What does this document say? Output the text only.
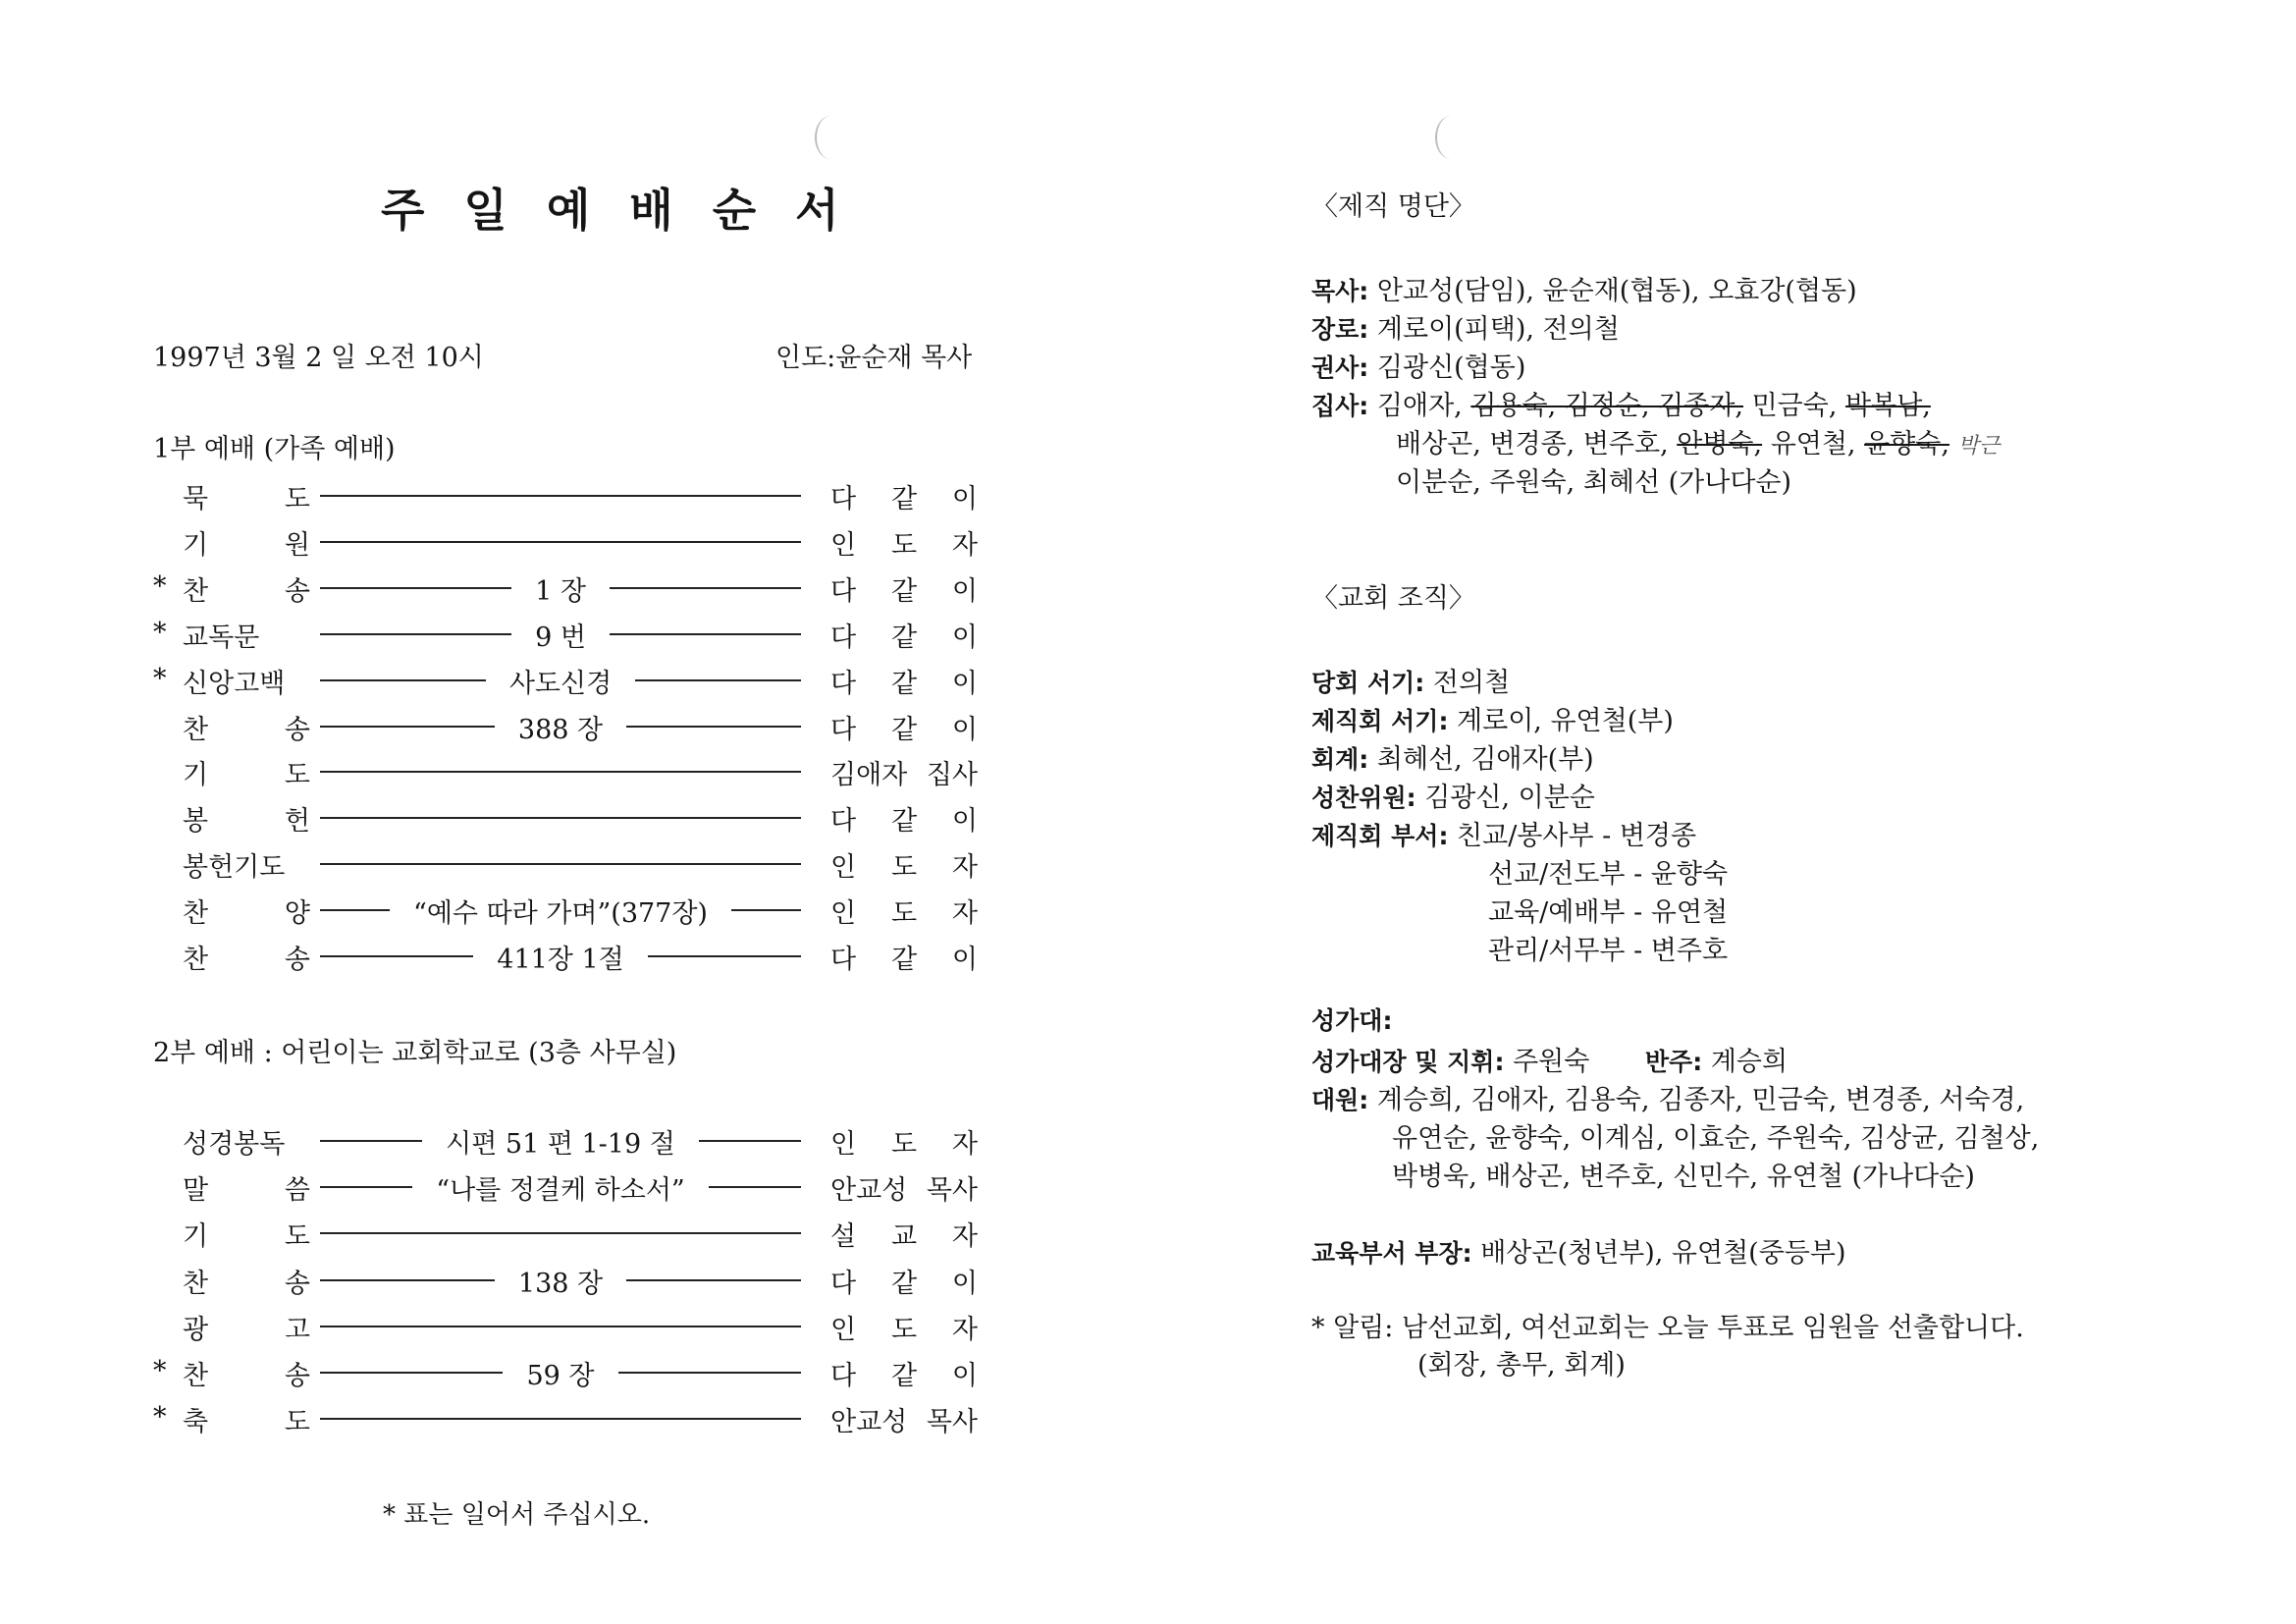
주일예배순서
1997년 3월 2 일 오전 10시	인도:윤순재 목사
1부 예배 (가족 예배)
묵 도	다 같 이
기 원	인 도 자
* 찬 송	1 장	다 같 이
* 교독문	9 번	다 같 이
* 신앙고백	사도신경	다 같 이
찬 송	388 장	다 같 이
기 도	김애자 집사
봉 헌	다 같 이
봉헌기도	인 도 자
찬 양	“예수 따라 가며”(377장)	인 도 자
찬 송	411장 1절	다 같 이
2부 예배 : 어린이는 교회학교로 (3층 사무실)
성경봉독	시편 51 편 1-19 절	인 도 자
말 씀	“나를 정결케 하소서”	안교성 목사
기 도	설 교 자
찬 송	138 장	다 같 이
광 고	인 도 자
* 찬 송	59 장	다 같 이
* 축 도	안교성 목사
* 표는 일어서 주십시오.
〈제직 명단〉
목사: 안교성(담임), 윤순재(협동), 오효강(협동)
장로: 계로이(피택), 전의철
권사: 김광신(협동)
집사: 김애자, 김용숙, 김정순, 김종자, 민금숙, 박복남,
배상곤, 변경종, 변주호, 안병숙, 유연철, 윤향숙, 박근
이분순, 주원숙, 최혜선 (가나다순)
〈교회 조직〉
당회 서기: 전의철
제직회 서기: 계로이, 유연철(부)
회계: 최혜선, 김애자(부)
성찬위원: 김광신, 이분순
제직회 부서: 친교/봉사부 - 변경종
선교/전도부 - 윤향숙
교육/예배부 - 유연철
관리/서무부 - 변주호
성가대:
성가대장 및 지휘: 주원숙 반주: 계승희
대원: 계승희, 김애자, 김용숙, 김종자, 민금숙, 변경종, 서숙경,
유연순, 윤향숙, 이계심, 이효순, 주원숙, 김상균, 김철상,
박병욱, 배상곤, 변주호, 신민수, 유연철 (가나다순)
교육부서 부장: 배상곤(청년부), 유연철(중등부)
* 알림: 남선교회, 여선교회는 오늘 투표로 임원을 선출합니다.
(회장, 총무, 회계)
